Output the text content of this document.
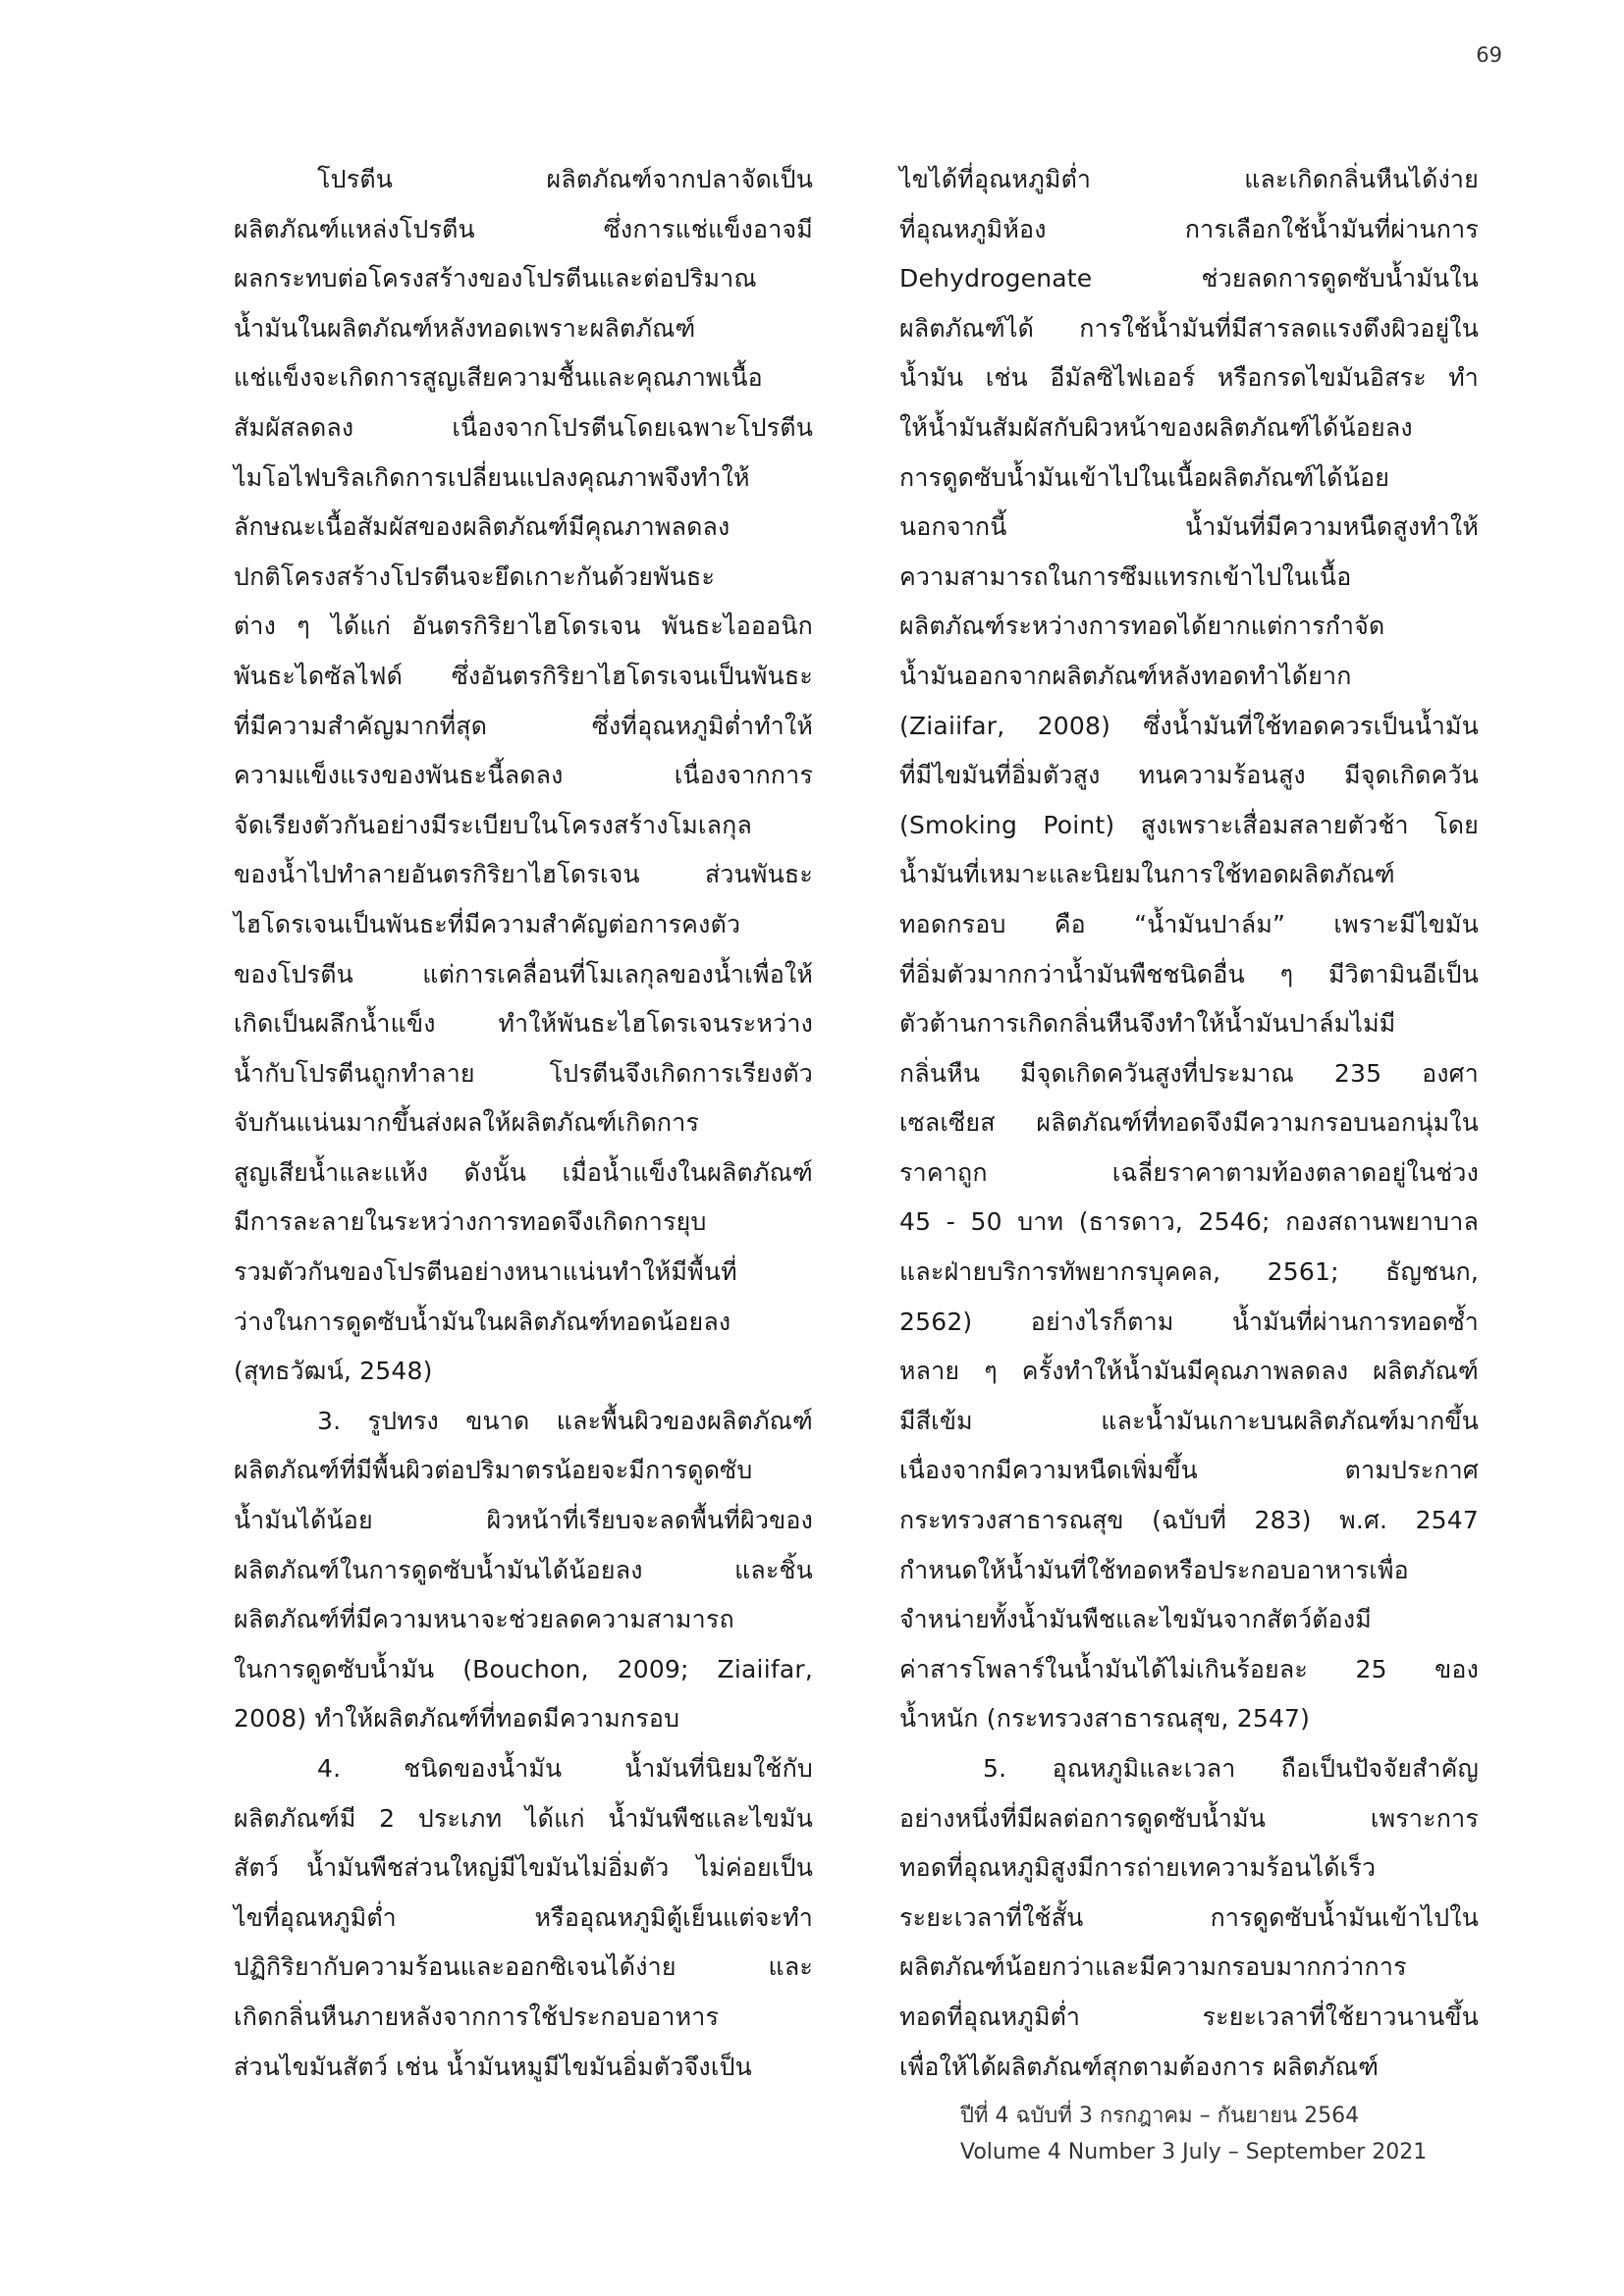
69
โปรตีน ผลิตภัณฑ์จากปลาจัดเป็น
ผลิตภัณฑ์แหล่งโปรตีน ซึ่งการแช่แข็งอาจมี
ผลกระทบต่อโครงสร้างของโปรตีนและต่อปริมาณ
น้ำมันในผลิตภัณฑ์หลังทอดเพราะผลิตภัณฑ์
แช่แข็งจะเกิดการสูญเสียความชื้นและคุณภาพเนื้อ
สัมผัสลดลง เนื่องจากโปรตีนโดยเฉพาะโปรตีน
ไมโอไฟบริลเกิดการเปลี่ยนแปลงคุณภาพจึงทำให้
ลักษณะเนื้อสัมผัสของผลิตภัณฑ์มีคุณภาพลดลง
ปกติโครงสร้างโปรตีนจะยึดเกาะกันด้วยพันธะ
ต่าง ๆ ได้แก่ อันตรกิริยาไฮโดรเจน พันธะไอออนิก
พันธะไดซัลไฟด์ ซึ่งอันตรกิริยาไฮโดรเจนเป็นพันธะ
ที่มีความสำคัญมากที่สุด ซึ่งที่อุณหภูมิต่ำทำให้
ความแข็งแรงของพันธะนี้ลดลง เนื่องจากการ
จัดเรียงตัวกันอย่างมีระเบียบในโครงสร้างโมเลกุล
ของน้ำไปทำลายอันตรกิริยาไฮโดรเจน ส่วนพันธะ
ไฮโดรเจนเป็นพันธะที่มีความสำคัญต่อการคงตัว
ของโปรตีน แต่การเคลื่อนที่โมเลกุลของน้ำเพื่อให้
เกิดเป็นผลึกน้ำแข็ง ทำให้พันธะไฮโดรเจนระหว่าง
น้ำกับโปรตีนถูกทำลาย โปรตีนจึงเกิดการเรียงตัว
จับกันแน่นมากขึ้นส่งผลให้ผลิตภัณฑ์เกิดการ
สูญเสียน้ำและแห้ง ดังนั้น เมื่อน้ำแข็งในผลิตภัณฑ์
มีการละลายในระหว่างการทอดจึงเกิดการยุบ
รวมตัวกันของโปรตีนอย่างหนาแน่นทำให้มีพื้นที่
ว่างในการดูดซับน้ำมันในผลิตภัณฑ์ทอดน้อยลง
(สุทธวัฒน์, 2548)
3. รูปทรง ขนาด และพื้นผิวของผลิตภัณฑ์
ผลิตภัณฑ์ที่มีพื้นผิวต่อปริมาตรน้อยจะมีการดูดซับ
น้ำมันได้น้อย ผิวหน้าที่เรียบจะลดพื้นที่ผิวของ
ผลิตภัณฑ์ในการดูดซับน้ำมันได้น้อยลง และชิ้น
ผลิตภัณฑ์ที่มีความหนาจะช่วยลดความสามารถ
ในการดูดซับน้ำมัน (Bouchon, 2009; Ziaiifar,
2008) ทำให้ผลิตภัณฑ์ที่ทอดมีความกรอบ
4. ชนิดของน้ำมัน น้ำมันที่นิยมใช้กับ
ผลิตภัณฑ์มี 2 ประเภท ได้แก่ น้ำมันพืชและไขมัน
สัตว์ น้ำมันพืชส่วนใหญ่มีไขมันไม่อิ่มตัว ไม่ค่อยเป็น
ไขที่อุณหภูมิต่ำ หรืออุณหภูมิตู้เย็นแต่จะทำ
ปฏิกิริยากับความร้อนและออกซิเจนได้ง่าย และ
เกิดกลิ่นหืนภายหลังจากการใช้ประกอบอาหาร
ส่วนไขมันสัตว์ เช่น น้ำมันหมูมีไขมันอิ่มตัวจึงเป็น
ไขได้ที่อุณหภูมิต่ำ และเกิดกลิ่นหืนได้ง่าย
ที่อุณหภูมิห้อง การเลือกใช้น้ำมันที่ผ่านการ
Dehydrogenate ช่วยลดการดูดซับน้ำมันใน
ผลิตภัณฑ์ได้ การใช้น้ำมันที่มีสารลดแรงตึงผิวอยู่ใน
น้ำมัน เช่น อีมัลซิไฟเออร์ หรือกรดไขมันอิสระ ทำ
ให้น้ำมันสัมผัสกับผิวหน้าของผลิตภัณฑ์ได้น้อยลง
การดูดซับน้ำมันเข้าไปในเนื้อผลิตภัณฑ์ได้น้อย
นอกจากนี้ น้ำมันที่มีความหนืดสูงทำให้
ความสามารถในการซึมแทรกเข้าไปในเนื้อ
ผลิตภัณฑ์ระหว่างการทอดได้ยากแต่การกำจัด
น้ำมันออกจากผลิตภัณฑ์หลังทอดทำได้ยาก
(Ziaiifar, 2008) ซึ่งน้ำมันที่ใช้ทอดควรเป็นน้ำมัน
ที่มีไขมันที่อิ่มตัวสูง ทนความร้อนสูง มีจุดเกิดควัน
(Smoking Point) สูงเพราะเสื่อมสลายตัวช้า โดย
น้ำมันที่เหมาะและนิยมในการใช้ทอดผลิตภัณฑ์
ทอดกรอบ คือ “น้ำมันปาล์ม” เพราะมีไขมัน
ที่อิ่มตัวมากกว่าน้ำมันพืชชนิดอื่น ๆ มีวิตามินอีเป็น
ตัวต้านการเกิดกลิ่นหืนจึงทำให้น้ำมันปาล์มไม่มี
กลิ่นหืน มีจุดเกิดควันสูงที่ประมาณ 235 องศา
เซลเซียส ผลิตภัณฑ์ที่ทอดจึงมีความกรอบนอกนุ่มใน
ราคาถูก เฉลี่ยราคาตามท้องตลาดอยู่ในช่วง
45 - 50 บาท (ธารดาว, 2546; กองสถานพยาบาล
และฝ่ายบริการทัพยากรบุคคล, 2561; ธัญชนก,
2562) อย่างไรก็ตาม น้ำมันที่ผ่านการทอดซ้ำ
หลาย ๆ ครั้งทำให้น้ำมันมีคุณภาพลดลง ผลิตภัณฑ์
มีสีเข้ม และน้ำมันเกาะบนผลิตภัณฑ์มากขึ้น
เนื่องจากมีความหนืดเพิ่มขึ้น ตามประกาศ
กระทรวงสาธารณสุข (ฉบับที่ 283) พ.ศ. 2547
กำหนดให้น้ำมันที่ใช้ทอดหรือประกอบอาหารเพื่อ
จำหน่ายทั้งน้ำมันพืชและไขมันจากสัตว์ต้องมี
ค่าสารโพลาร์ในน้ำมันได้ไม่เกินร้อยละ 25 ของ
น้ำหนัก (กระทรวงสาธารณสุข, 2547)
5. อุณหภูมิและเวลา ถือเป็นปัจจัยสำคัญ
อย่างหนึ่งที่มีผลต่อการดูดซับน้ำมัน เพราะการ
ทอดที่อุณหภูมิสูงมีการถ่ายเทความร้อนได้เร็ว
ระยะเวลาที่ใช้สั้น การดูดซับน้ำมันเข้าไปใน
ผลิตภัณฑ์น้อยกว่าและมีความกรอบมากกว่าการ
ทอดที่อุณหภูมิต่ำ ระยะเวลาที่ใช้ยาวนานขึ้น
เพื่อให้ได้ผลิตภัณฑ์สุกตามต้องการ ผลิตภัณฑ์
ปีที่ 4 ฉบับที่ 3 กรกฎาคม – กันยายน 2564
Volume 4 Number 3 July – September 2021
